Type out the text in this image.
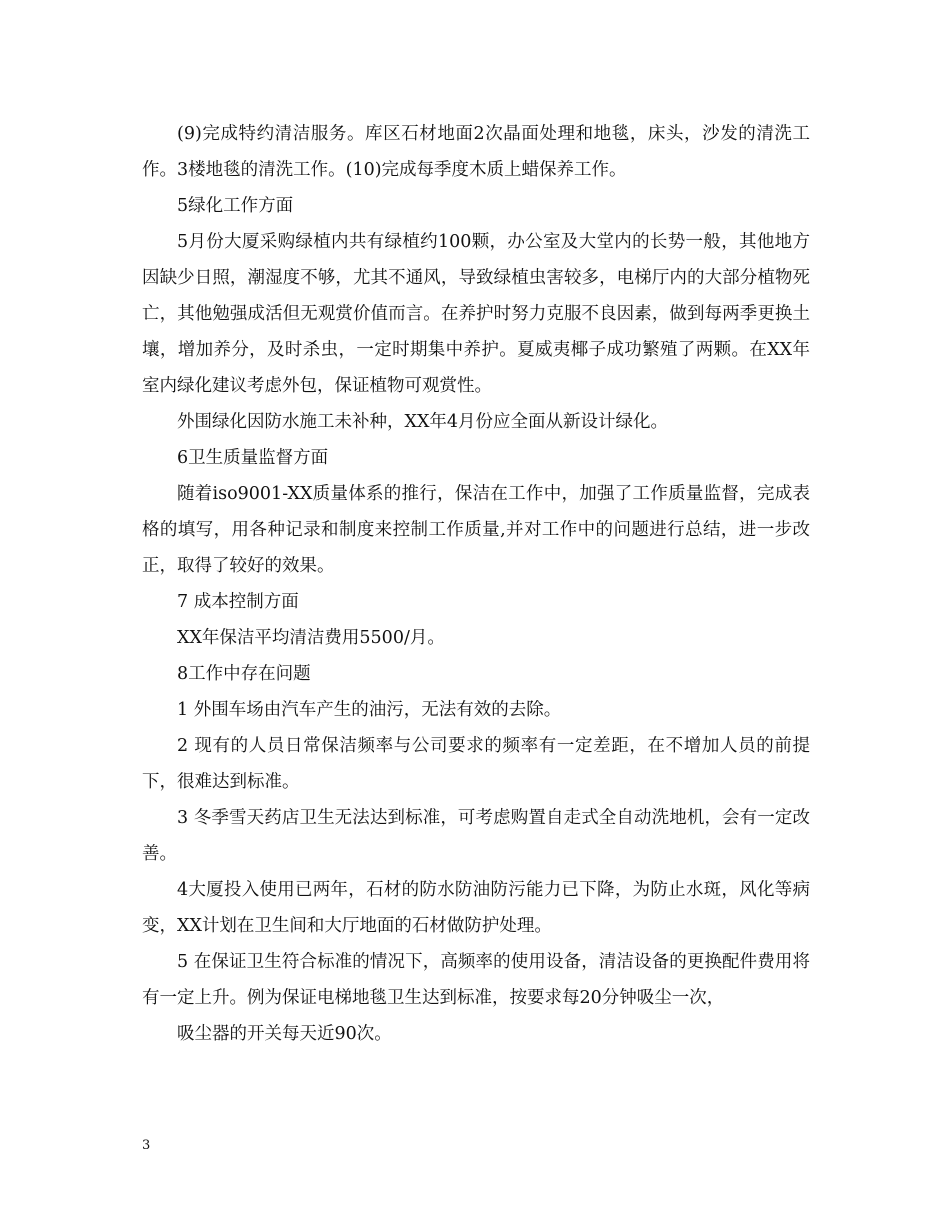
(9)完成特约清洁服务。库区石材地面2次晶面处理和地毯，床头，沙发的清洗工作。3楼地毯的清洗工作。(10)完成每季度木质上蜡保养工作。

5绿化工作方面

5月份大厦采购绿植内共有绿植约100颗，办公室及大堂内的长势一般，其他地方因缺少日照，潮湿度不够，尤其不通风，导致绿植虫害较多，电梯厅内的大部分植物死亡，其他勉强成活但无观赏价值而言。在养护时努力克服不良因素，做到每两季更换土壤，增加养分，及时杀虫，一定时期集中养护。夏威夷椰子成功繁殖了两颗。在XX年室内绿化建议考虑外包，保证植物可观赏性。

外围绿化因防水施工未补种，XX年4月份应全面从新设计绿化。

6卫生质量监督方面

随着iso9001-XX质量体系的推行，保洁在工作中，加强了工作质量监督，完成表格的填写，用各种记录和制度来控制工作质量,并对工作中的问题进行总结，进一步改正，取得了较好的效果。

7 成本控制方面

XX年保洁平均清洁费用5500/月。

8工作中存在问题

1 外围车场由汽车产生的油污，无法有效的去除。

2 现有的人员日常保洁频率与公司要求的频率有一定差距，在不增加人员的前提下，很难达到标准。

3 冬季雪天药店卫生无法达到标准，可考虑购置自走式全自动洗地机，会有一定改善。

4大厦投入使用已两年，石材的防水防油防污能力已下降，为防止水斑，风化等病变，XX计划在卫生间和大厅地面的石材做防护处理。

5 在保证卫生符合标准的情况下，高频率的使用设备，清洁设备的更换配件费用将有一定上升。例为保证电梯地毯卫生达到标准，按要求每20分钟吸尘一次，

吸尘器的开关每天近90次。

3
